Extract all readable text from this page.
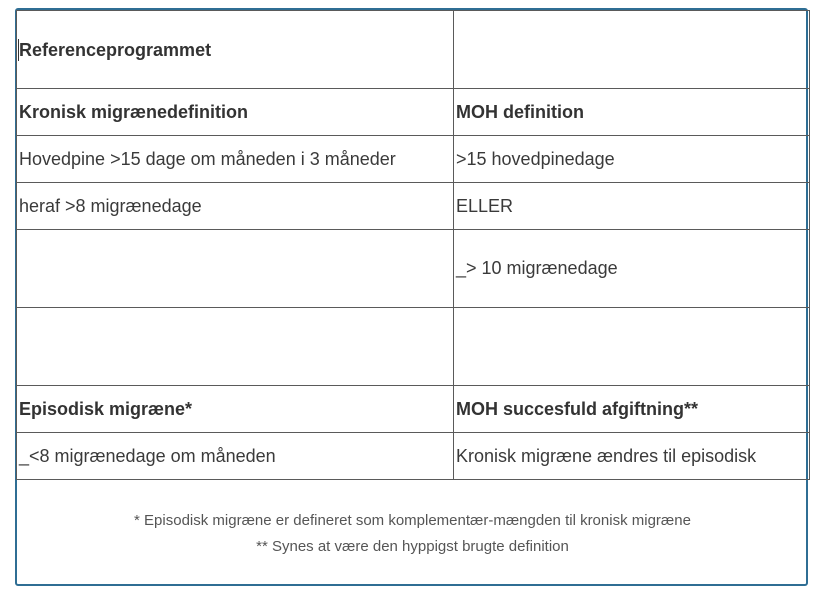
Referenceprogrammet	
Kronisk migrænedefinition	MOH definition
Hovedpine >15 dage om måneden i 3 måneder	>15 hovedpinedage
heraf >8 migrænedage	ELLER
	_> 10 migrænedage

Episodisk migræne*	MOH succesfuld afgiftning**
_<8 migrænedage om måneden	Kronisk migræne ændres til episodisk
* Episodisk migræne er defineret som komplementær-mængden til kronisk migræne
** Synes at være den hyppigst brugte definition
